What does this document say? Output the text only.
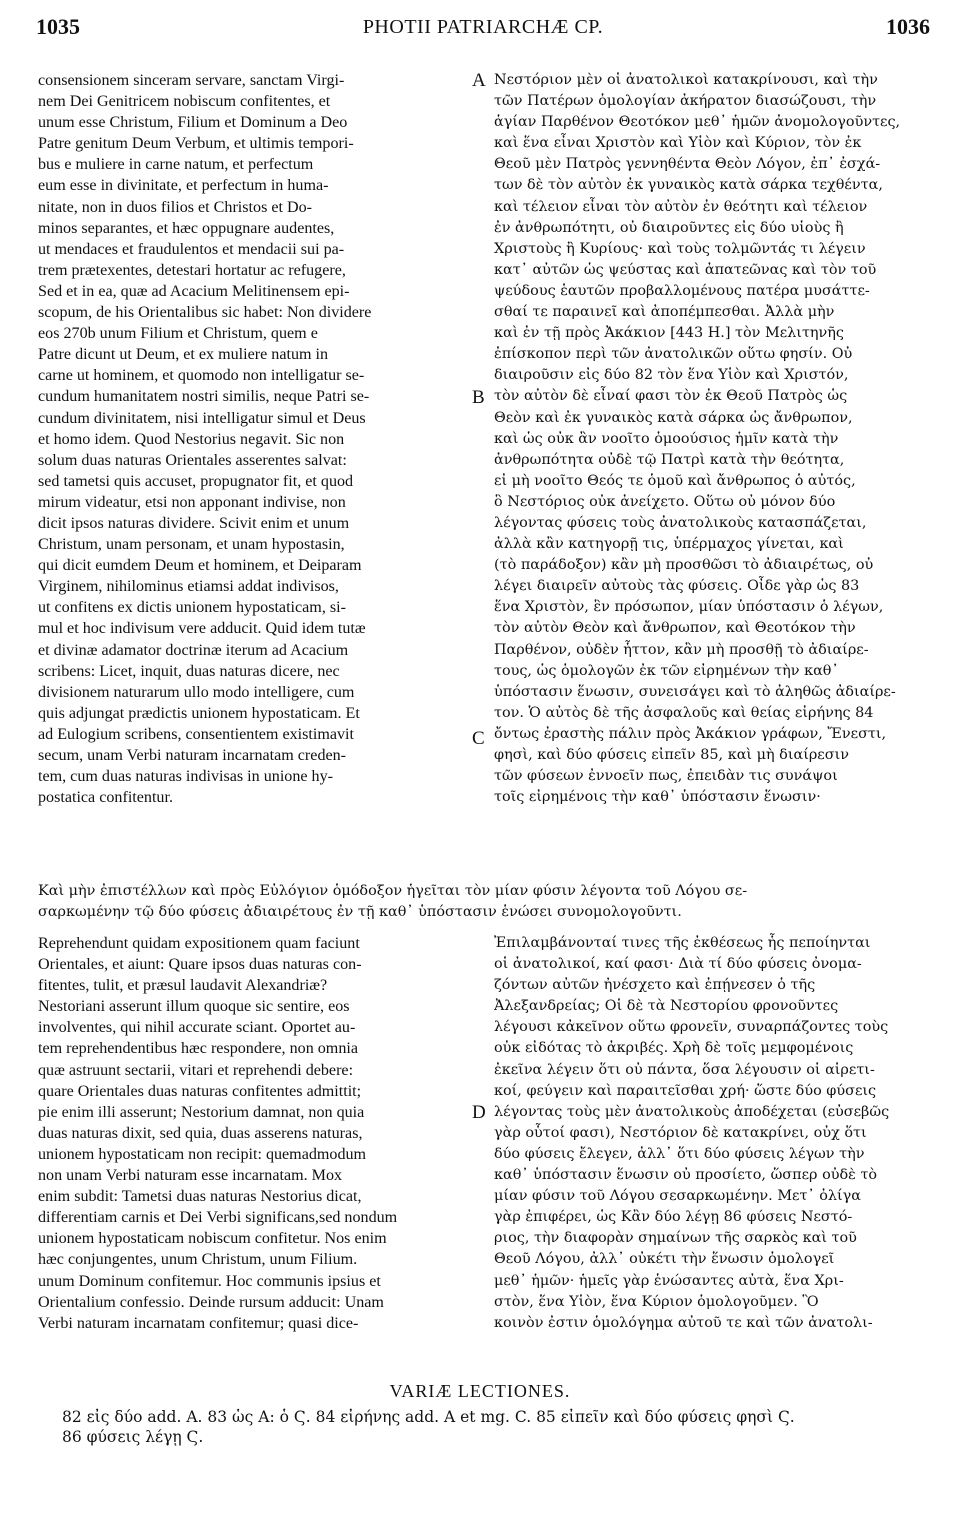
1035	PHOTII PATRIARCHÆ CP.	1036
A
B
C
D
consensionem sinceram servare, sanctam Virgi-
nem Dei Genitricem nobiscum confitentes, et
unum esse Christum, Filium et Dominum a Deo
Patre genitum Deum Verbum, et ultimis tempori-
bus e muliere in carne natum, et perfectum
eum esse in divinitate, et perfectum in huma-
nitate, non in duos filios et Christos et Do-
minos separantes, et hæc oppugnare audentes,
ut mendaces et fraudulentos et mendacii sui pa-
trem prætexentes, detestari hortatur ac refugere,
Sed et in ea, quæ ad Acacium Melitinensem epi-
scopum, de his Orientalibus sic habet: Non dividere
eos 270b unum Filium et Christum, quem e
Patre dicunt ut Deum, et ex muliere natum in
carne ut hominem, et quomodo non intelligatur se-
cundum humanitatem nostri similis, neque Patri se-
cundum divinitatem, nisi intelligatur simul et Deus
et homo idem. Quod Nestorius negavit. Sic non
solum duas naturas Orientales asserentes salvat:
sed tametsi quis accuset, propugnator fit, et quod
mirum videatur, etsi non apponant indivise, non
dicit ipsos naturas dividere. Scivit enim et unum
Christum, unam personam, et unam hypostasin,
qui dicit eumdem Deum et hominem, et Deiparam
Virginem, nihilominus etiamsi addat indivisos,
ut confitens ex dictis unionem hypostaticam, si-
mul et hoc indivisum vere adducit. Quid idem tutæ
et divinæ adamator doctrinæ iterum ad Acacium
scribens: Licet, inquit, duas naturas dicere, nec
divisionem naturarum ullo modo intelligere, cum
quis adjungat prædictis unionem hypostaticam. Et
ad Eulogium scribens, consentientem existimavit
secum, unam Verbi naturam incarnatam creden-
tem, cum duas naturas indivisas in unione hy-
postatica confitentur.
Νεστόριον μὲν οἱ ἀνατολικοὶ κατακρίνουσι, καὶ τὴν
τῶν Πατέρων ὁμολογίαν ἀκήρατον διασώζουσι, τὴν
ἁγίαν Παρθένον Θεοτόκον μεθ᾽ ἡμῶν ἀνομολογοῦντες,
καὶ ἕνα εἶναι Χριστὸν καὶ Υἱὸν καὶ Κύριον, τὸν ἐκ
Θεοῦ μὲν Πατρὸς γεννηθέντα Θεὸν Λόγον, ἐπ᾽ ἐσχά-
των δὲ τὸν αὐτὸν ἐκ γυναικὸς κατὰ σάρκα τεχθέντα,
καὶ τέλειον εἶναι τὸν αὐτὸν ἐν θεότητι καὶ τέλειον
ἐν ἀνθρωπότητι, οὐ διαιροῦντες εἰς δύο υἱοὺς ἢ
Χριστοὺς ἢ Κυρίους· καὶ τοὺς τολμῶντάς τι λέγειν
κατ᾽ αὐτῶν ὡς ψεύστας καὶ ἀπατεῶνας καὶ τὸν τοῦ
ψεύδους ἑαυτῶν προβαλλομένους πατέρα μυσάττε-
σθαί τε παραινεῖ καὶ ἀποπέμπεσθαι. Ἀλλὰ μὴν
καὶ ἐν τῇ πρὸς Ἀκάκιον [443 H.] τὸν Μελιτηνῆς
ἐπίσκοπον περὶ τῶν ἀνατολικῶν οὕτω φησίν. Οὐ
διαιροῦσιν εἰς δύο 82 τὸν ἕνα Υἱὸν καὶ Χριστόν,
τὸν αὐτὸν δὲ εἶναί φασι τὸν ἐκ Θεοῦ Πατρὸς ὡς
Θεὸν καὶ ἐκ γυναικὸς κατὰ σάρκα ὡς ἄνθρωπον,
καὶ ὡς οὐκ ἂν νοοῖτο ὁμοούσιος ἡμῖν κατὰ τὴν
ἀνθρωπότητα οὐδὲ τῷ Πατρὶ κατὰ τὴν θεότητα,
εἰ μὴ νοοῖτο Θεός τε ὁμοῦ καὶ ἄνθρωπος ὁ αὐτός,
ὃ Νεστόριος οὐκ ἀνείχετο. Οὕτω οὐ μόνον δύο
λέγοντας φύσεις τοὺς ἀνατολικοὺς κατασπάζεται,
ἀλλὰ κἂν κατηγορῇ τις, ὑπέρμαχος γίνεται, καὶ
(τὸ παράδοξον) κἂν μὴ προσθῶσι τὸ ἀδιαιρέτως, οὐ
λέγει διαιρεῖν αὐτοὺς τὰς φύσεις. Οἶδε γὰρ ὡς 83
ἕνα Χριστὸν, ἓν πρόσωπον, μίαν ὑπόστασιν ὁ λέγων,
τὸν αὐτὸν Θεὸν καὶ ἄνθρωπον, καὶ Θεοτόκον τὴν
Παρθένον, οὐδὲν ἧττον, κἂν μὴ προσθῇ τὸ ἀδιαίρε-
τους, ὡς ὁμολογῶν ἐκ τῶν εἰρημένων τὴν καθ᾽
ὑπόστασιν ἕνωσιν, συνεισάγει καὶ τὸ ἀληθῶς ἀδιαίρε-
τον. Ὁ αὐτὸς δὲ τῆς ἀσφαλοῦς καὶ θείας εἰρήνης 84
ὄντως ἐραστὴς πάλιν πρὸς Ἀκάκιον γράφων, Ἔνεστι,
φησὶ, καὶ δύο φύσεις εἰπεῖν 85, καὶ μὴ διαίρεσιν
τῶν φύσεων ἐννοεῖν πως, ἐπειδὰν τις συνάψοι
τοῖς εἰρημένοις τὴν καθ᾽ ὑπόστασιν ἕνωσιν·
Καὶ μὴν ἐπιστέλλων καὶ πρὸς Εὐλόγιον ὁμόδοξον ἡγεῖται τὸν μίαν φύσιν λέγοντα τοῦ Λόγου σε-
σαρκωμένην τῷ δύο φύσεις ἀδιαιρέτους ἐν τῇ καθ᾽ ὑπόστασιν ἑνώσει συνομολογοῦντι.
Reprehendunt quidam expositionem quam faciunt
Orientales, et aiunt: Quare ipsos duas naturas con-
fitentes, tulit, et præsul laudavit Alexandriæ?
Nestoriani asserunt illum quoque sic sentire, eos
involventes, qui nihil accurate sciant. Oportet au-
tem reprehendentibus hæc respondere, non omnia
quæ astruunt sectarii, vitari et reprehendi debere:
quare Orientales duas naturas confitentes admittit;
pie enim illi asserunt; Nestorium damnat, non quia
duas naturas dixit, sed quia, duas asserens naturas,
unionem hypostaticam non recipit: quemadmodum
non unam Verbi naturam esse incarnatam. Mox
enim subdit: Tametsi duas naturas Nestorius dicat,
differentiam carnis et Dei Verbi significans,sed nondum
unionem hypostaticam nobiscum confitetur. Nos enim
hæc conjungentes, unum Christum, unum Filium.
unum Dominum confitemur. Hoc communis ipsius et
Orientalium confessio. Deinde rursum adducit: Unam
Verbi naturam incarnatam confitemur; quasi dice-
Ἐπιλαμβάνονταί τινες τῆς ἐκθέσεως ἧς πεποίηνται
οἱ ἀνατολικοί, καί φασι· Διὰ τί δύο φύσεις ὀνομα-
ζόντων αὐτῶν ἠνέσχετο καὶ ἐπῄνεσεν ὁ τῆς
Ἀλεξανδρείας; Οἱ δὲ τὰ Νεστορίου φρονοῦντες
λέγουσι κἀκεῖνον οὕτω φρονεῖν, συναρπάζοντες τοὺς
οὐκ εἰδότας τὸ ἀκριβές. Χρὴ δὲ τοῖς μεμφομένοις
ἐκεῖνα λέγειν ὅτι οὐ πάντα, ὅσα λέγουσιν οἱ αἱρετι-
κοί, φεύγειν καὶ παραιτεῖσθαι χρή· ὥστε δύο φύσεις
λέγοντας τοὺς μὲν ἀνατολικοὺς ἀποδέχεται (εὐσεβῶς
γὰρ οὗτοί φασι), Νεστόριον δὲ κατακρίνει, οὐχ ὅτι
δύο φύσεις ἔλεγεν, ἀλλ᾽ ὅτι δύο φύσεις λέγων τὴν
καθ᾽ ὑπόστασιν ἕνωσιν οὐ προσίετο, ὥσπερ οὐδὲ τὸ
μίαν φύσιν τοῦ Λόγου σεσαρκωμένην. Μετ᾽ ὀλίγα
γὰρ ἐπιφέρει, ὡς Κἂν δύο λέγῃ 86 φύσεις Νεστό-
ριος, τὴν διαφορὰν σημαίνων τῆς σαρκὸς καὶ τοῦ
Θεοῦ Λόγου, ἀλλ᾽ οὐκέτι τὴν ἕνωσιν ὁμολογεῖ
μεθ᾽ ἡμῶν· ἡμεῖς γὰρ ἑνώσαντες αὐτὰ, ἕνα Χρι-
στὸν, ἕνα Υἱὸν, ἕνα Κύριον ὁμολογοῦμεν. Ὃ
κοινὸν ἐστιν ὁμολόγημα αὐτοῦ τε καὶ τῶν ἀνατολι-
VARIÆ LECTIONES.
82 εἰς δύο add. A. 83 ὡς A: ὁ Ϛ. 84 εἰρήνης add. A et mg. C. 85 εἰπεῖν καὶ δύο φύσεις φησὶ Ϛ.
86 φύσεις λέγῃ Ϛ.
